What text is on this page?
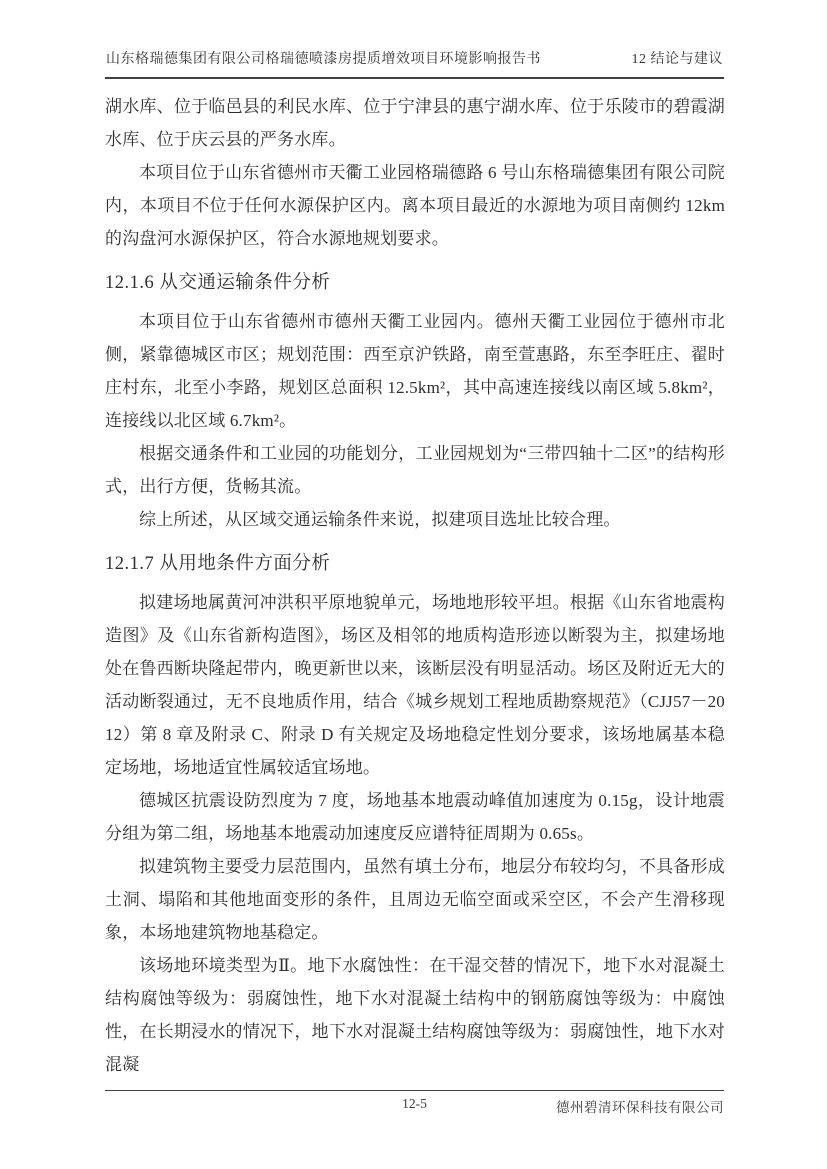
山东格瑞德集团有限公司格瑞德喷漆房提质增效项目环境影响报告书	12 结论与建议

湖水库、位于临邑县的利民水库、位于宁津县的惠宁湖水库、位于乐陵市的碧霞湖水库、位于庆云县的严务水库。

本项目位于山东省德州市天衢工业园格瑞德路 6 号山东格瑞德集团有限公司院内，本项目不位于任何水源保护区内。离本项目最近的水源地为项目南侧约 12km 的沟盘河水源保护区，符合水源地规划要求。

12.1.6 从交通运输条件分析

本项目位于山东省德州市德州天衢工业园内。德州天衢工业园位于德州市北侧，紧靠德城区市区；规划范围：西至京沪铁路，南至萱惠路，东至李旺庄、翟时庄村东，北至小李路，规划区总面积 12.5km²，其中高速连接线以南区域 5.8km²，连接线以北区域 6.7km²。

根据交通条件和工业园的功能划分，工业园规划为“三带四轴十二区”的结构形式，出行方便，货畅其流。

综上所述，从区域交通运输条件来说，拟建项目选址比较合理。

12.1.7 从用地条件方面分析

拟建场地属黄河冲洪积平原地貌单元，场地地形较平坦。根据《山东省地震构造图》及《山东省新构造图》，场区及相邻的地质构造形迹以断裂为主，拟建场地处在鲁西断块隆起带内，晚更新世以来，该断层没有明显活动。场区及附近无大的活动断裂通过，无不良地质作用，结合《城乡规划工程地质勘察规范》（CJJ57－2012）第 8 章及附录 C、附录 D 有关规定及场地稳定性划分要求，该场地属基本稳定场地，场地适宜性属较适宜场地。

德城区抗震设防烈度为 7 度，场地基本地震动峰值加速度为 0.15g，设计地震分组为第二组，场地基本地震动加速度反应谱特征周期为 0.65s。

拟建筑物主要受力层范围内，虽然有填土分布，地层分布较均匀，不具备形成土洞、塌陷和其他地面变形的条件，且周边无临空面或采空区，不会产生滑移现象，本场地建筑物地基稳定。

该场地环境类型为Ⅱ。地下水腐蚀性：在干湿交替的情况下，地下水对混凝土结构腐蚀等级为：弱腐蚀性，地下水对混凝土结构中的钢筋腐蚀等级为：中腐蚀性，在长期浸水的情况下，地下水对混凝土结构腐蚀等级为：弱腐蚀性，地下水对混凝

12-5	德州碧清环保科技有限公司
